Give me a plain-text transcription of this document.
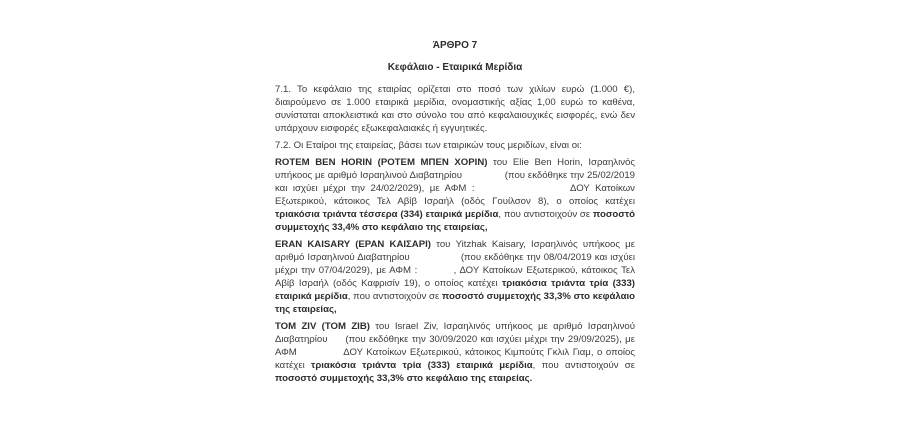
ΆΡΘΡΟ 7
Κεφάλαιο - Εταιρικά Μερίδια

7.1. Το κεφάλαιο της εταιρίας ορίζεται στο ποσό των χιλίων ευρώ (1.000 €), διαιρούμενο σε 1.000 εταιρικά μερίδια, ονομαστικής αξίας 1,00 ευρώ το καθένα, συνίσταται αποκλειστικά και στο σύνολο του από κεφαλαιουχικές εισφορές, ενώ δεν υπάρχουν εισφορές εξωκεφαλαιακές ή εγγυητικές.

7.2. Οι Εταίροι της εταιρείας, βάσει των εταιρικών τους μεριδίων, είναι οι:

ROTEM BEN HORIN (ΡΟΤΕΜ ΜΠΕΝ ΧΟΡΙΝ) του Elie Ben Horin, Ισραηλινός υπήκοος με αριθμό Ισραηλινού Διαβατηρίου	(που εκδόθηκε την 25/02/2019 και ισχύει μέχρι την 24/02/2029), με ΑΦΜ :	ΔΟΥ Κατοίκων Εξωτερικού, κάτοικος Τελ Αβίβ Ισραήλ (οδός Γουίλσον 8), ο οποίος κατέχει τριακόσια τριάντα τέσσερα (334) εταιρικά μερίδια, που αντιστοιχούν σε ποσοστό συμμετοχής 33,4% στο κεφάλαιο της εταιρείας,

ERAN KAISARY (ΕΡΑΝ ΚΑΙΣΑΡΙ) του Yitzhak Kaisary, Ισραηλινός υπήκοος με αριθμό Ισραηλινού Διαβατηρίου	(που εκδόθηκε την 08/04/2019 και ισχύει μέχρι την 07/04/2029), με ΑΦΜ :	, ΔΟΥ Κατοίκων Εξωτερικού, κάτοικος Τελ Αβίβ Ισραήλ (οδός Καφρισίν 19), ο οποίος κατέχει τριακόσια τριάντα τρία (333) εταιρικά μερίδια, που αντιστοιχούν σε ποσοστό συμμετοχής 33,3% στο κεφάλαιο της εταιρείας,

TOM ZIV (ΤΟΜ ΖΙΒ) του Israel Ziv, Ισραηλινός υπήκοος με αριθμό Ισραηλινού Διαβατηρίου  (που εκδόθηκε την 30/09/2020 και ισχύει μέχρι την 29/09/2025), με ΑΦΜ	ΔΟΥ Κατοίκων Εξωτερικού, κάτοικος Κιμπούτς Γκλιλ Γιαμ, ο οποίος κατέχει τριακόσια τριάντα τρία (333) εταιρικά μερίδια, που αντιστοιχούν σε ποσοστό συμμετοχής 33,3% στο κεφάλαιο της εταιρείας.
